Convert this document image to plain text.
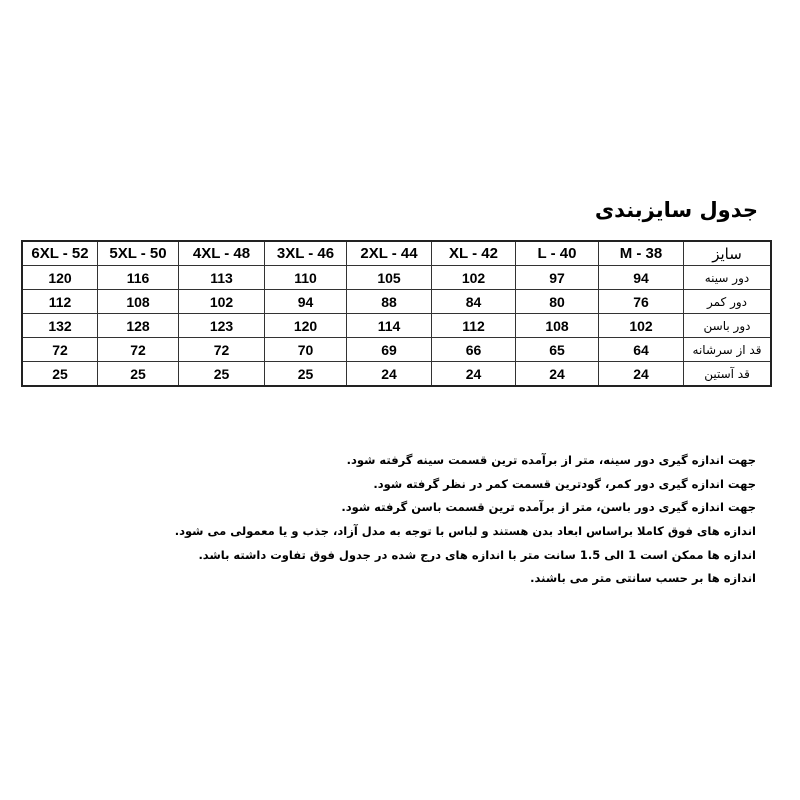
جدول سایزبندی
6XL - 52	5XL - 50	4XL - 48	3XL - 46	2XL - 44	XL - 42	L - 40	M - 38	سایز
120	116	113	110	105	102	97	94	دور سینه
112	108	102	94	88	84	80	76	دور کمر
132	128	123	120	114	112	108	102	دور باسن
72	72	72	70	69	66	65	64	قد از سرشانه
25	25	25	25	24	24	24	24	قد آستین
جهت اندازه گیری دور سینه، متر از برآمده ترین قسمت سینه گرفته شود.
جهت اندازه گیری دور کمر، گودترین قسمت کمر در نظر گرفته شود.
جهت اندازه گیری دور باسن، متر از برآمده ترین قسمت باسن گرفته شود.
اندازه های فوق کاملا براساس ابعاد بدن هستند و لباس با توجه به مدل آزاد، جذب و یا معمولی می شود.
اندازه ها ممکن است 1 الی 1.5 سانت متر با اندازه های درج شده در جدول فوق تفاوت داشته باشد.
اندازه ها بر حسب سانتی متر می باشند.
